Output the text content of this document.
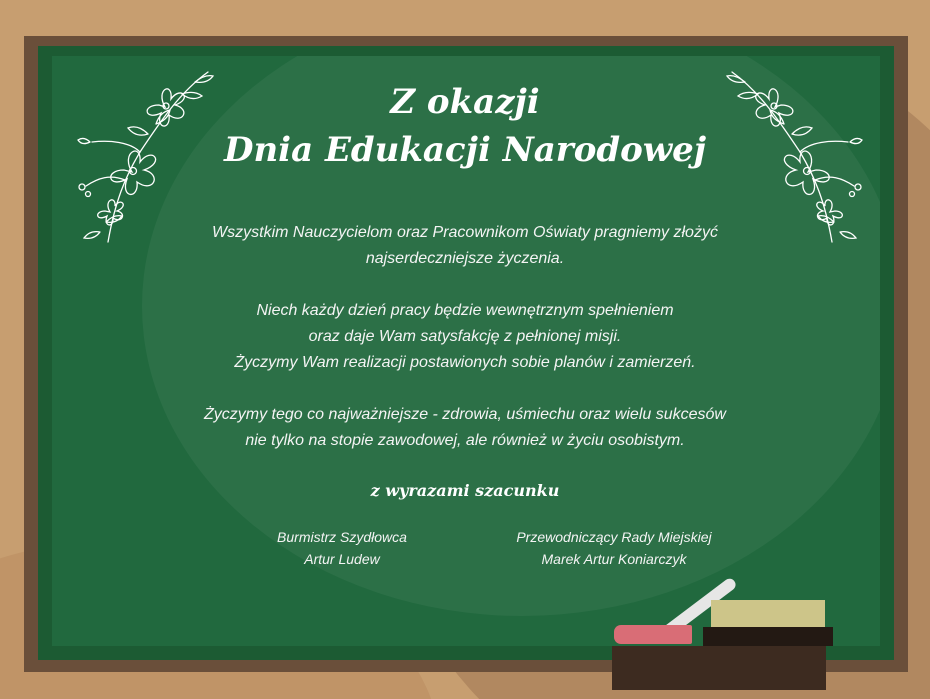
Z okazji
Dnia Edukacji Narodowej
Wszystkim Nauczycielom oraz Pracownikom Oświaty pragniemy złożyć
najserdeczniejsze życzenia.
Niech każdy dzień pracy będzie wewnętrznym spełnieniem
oraz daje Wam satysfakcję z pełnionej misji.
Życzymy Wam realizacji postawionych sobie planów i zamierzeń.
Życzymy tego co najważniejsze - zdrowia, uśmiechu oraz wielu sukcesów
nie tylko na stopie zawodowej, ale również w życiu osobistym.
z wyrazami szacunku
Burmistrz Szydłowca
Artur Ludew
Przewodniczący Rady Miejskiej
Marek Artur Koniarczyk
